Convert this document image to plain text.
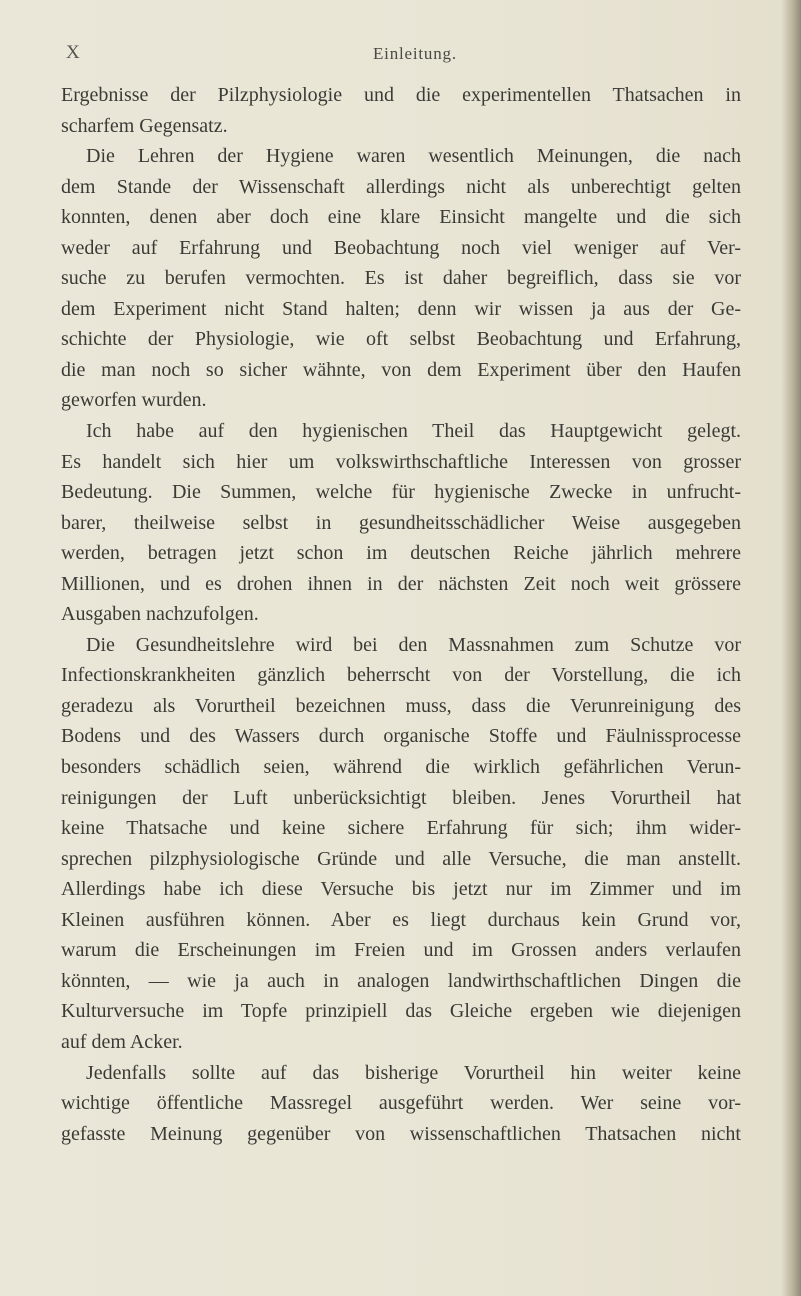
X	Einleitung.
Ergebnisse der Pilzphysiologie und die experimentellen Thatsachen in
scharfem Gegensatz.
Die Lehren der Hygiene waren wesentlich Meinungen, die nach
dem Stande der Wissenschaft allerdings nicht als unberechtigt gelten
konnten, denen aber doch eine klare Einsicht mangelte und die sich
weder auf Erfahrung und Beobachtung noch viel weniger auf Ver-
suche zu berufen vermochten. Es ist daher begreiflich, dass sie vor
dem Experiment nicht Stand halten; denn wir wissen ja aus der Ge-
schichte der Physiologie, wie oft selbst Beobachtung und Erfahrung,
die man noch so sicher wähnte, von dem Experiment über den Haufen
geworfen wurden.
Ich habe auf den hygienischen Theil das Hauptgewicht gelegt.
Es handelt sich hier um volkswirthschaftliche Interessen von grosser
Bedeutung. Die Summen, welche für hygienische Zwecke in unfrucht-
barer, theilweise selbst in gesundheitsschädlicher Weise ausgegeben
werden, betragen jetzt schon im deutschen Reiche jährlich mehrere
Millionen, und es drohen ihnen in der nächsten Zeit noch weit grössere
Ausgaben nachzufolgen.
Die Gesundheitslehre wird bei den Massnahmen zum Schutze vor
Infectionskrankheiten gänzlich beherrscht von der Vorstellung, die ich
geradezu als Vorurtheil bezeichnen muss, dass die Verunreinigung des
Bodens und des Wassers durch organische Stoffe und Fäulnissprocesse
besonders schädlich seien, während die wirklich gefährlichen Verun-
reinigungen der Luft unberücksichtigt bleiben. Jenes Vorurtheil hat
keine Thatsache und keine sichere Erfahrung für sich; ihm wider-
sprechen pilzphysiologische Gründe und alle Versuche, die man anstellt.
Allerdings habe ich diese Versuche bis jetzt nur im Zimmer und im
Kleinen ausführen können. Aber es liegt durchaus kein Grund vor,
warum die Erscheinungen im Freien und im Grossen anders verlaufen
könnten, — wie ja auch in analogen landwirthschaftlichen Dingen die
Kulturversuche im Topfe prinzipiell das Gleiche ergeben wie diejenigen
auf dem Acker.
Jedenfalls sollte auf das bisherige Vorurtheil hin weiter keine
wichtige öffentliche Massregel ausgeführt werden. Wer seine vor-
gefasste Meinung gegenüber von wissenschaftlichen Thatsachen nicht
